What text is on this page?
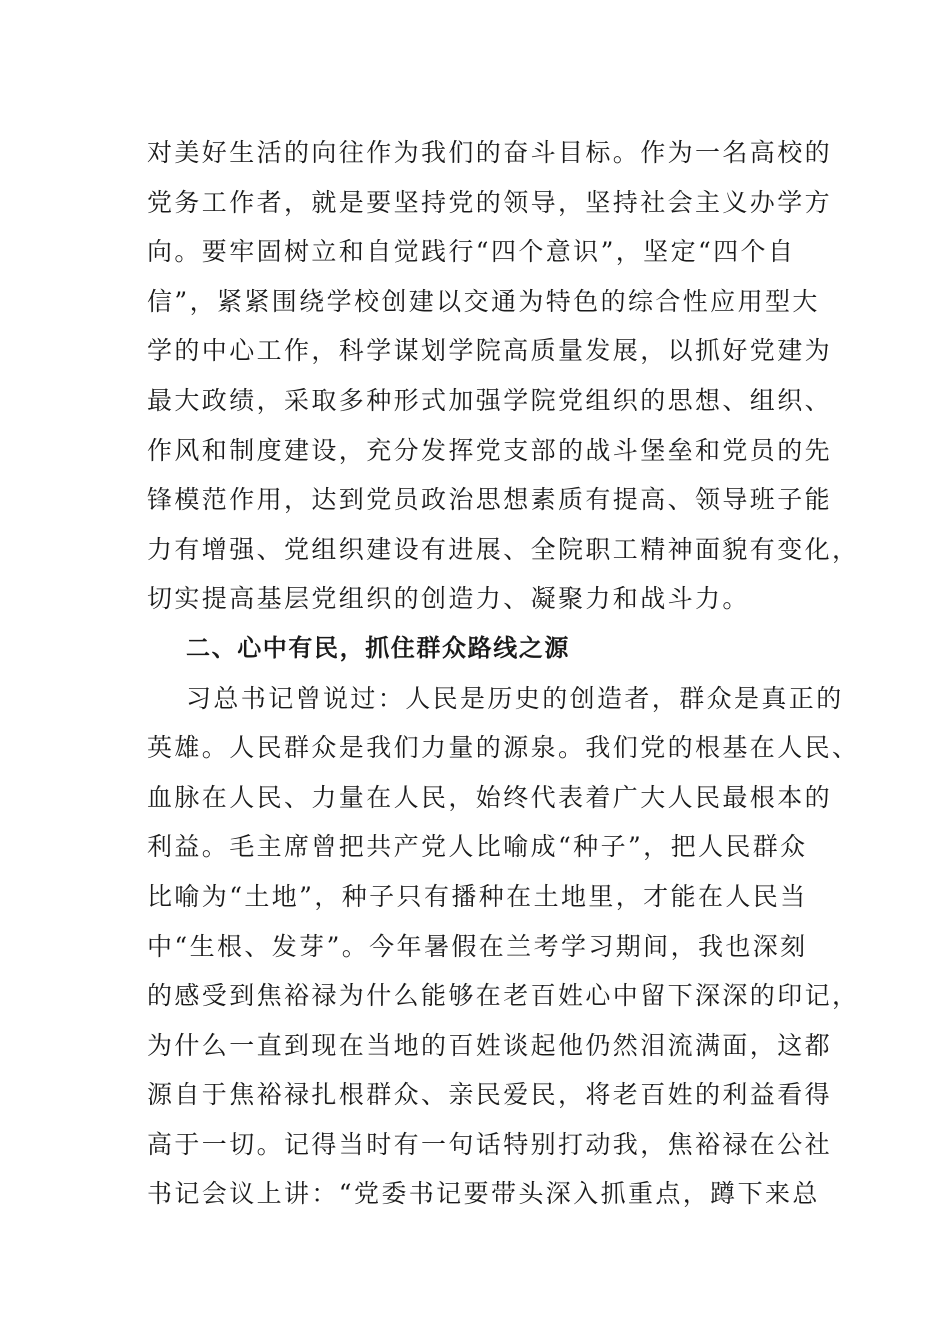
对美好生活的向往作为我们的奋斗目标。作为一名高校的
党务工作者，就是要坚持党的领导，坚持社会主义办学方
向。要牢固树立和自觉践行“四个意识”，坚定“四个自
信”，紧紧围绕学校创建以交通为特色的综合性应用型大
学的中心工作，科学谋划学院高质量发展，以抓好党建为
最大政绩，采取多种形式加强学院党组织的思想、组织、
作风和制度建设，充分发挥党支部的战斗堡垒和党员的先
锋模范作用，达到党员政治思想素质有提高、领导班子能
力有增强、党组织建设有进展、全院职工精神面貌有变化，
切实提高基层党组织的创造力、凝聚力和战斗力。
二、心中有民，抓住群众路线之源
习总书记曾说过：人民是历史的创造者，群众是真正的
英雄。人民群众是我们力量的源泉。我们党的根基在人民、
血脉在人民、力量在人民，始终代表着广大人民最根本的
利益。毛主席曾把共产党人比喻成“种子”，把人民群众
比喻为“土地”，种子只有播种在土地里，才能在人民当
中“生根、发芽”。今年暑假在兰考学习期间，我也深刻
的感受到焦裕禄为什么能够在老百姓心中留下深深的印记，
为什么一直到现在当地的百姓谈起他仍然泪流满面，这都
源自于焦裕禄扎根群众、亲民爱民，将老百姓的利益看得
高于一切。记得当时有一句话特别打动我，焦裕禄在公社
书记会议上讲：“党委书记要带头深入抓重点，蹲下来总
